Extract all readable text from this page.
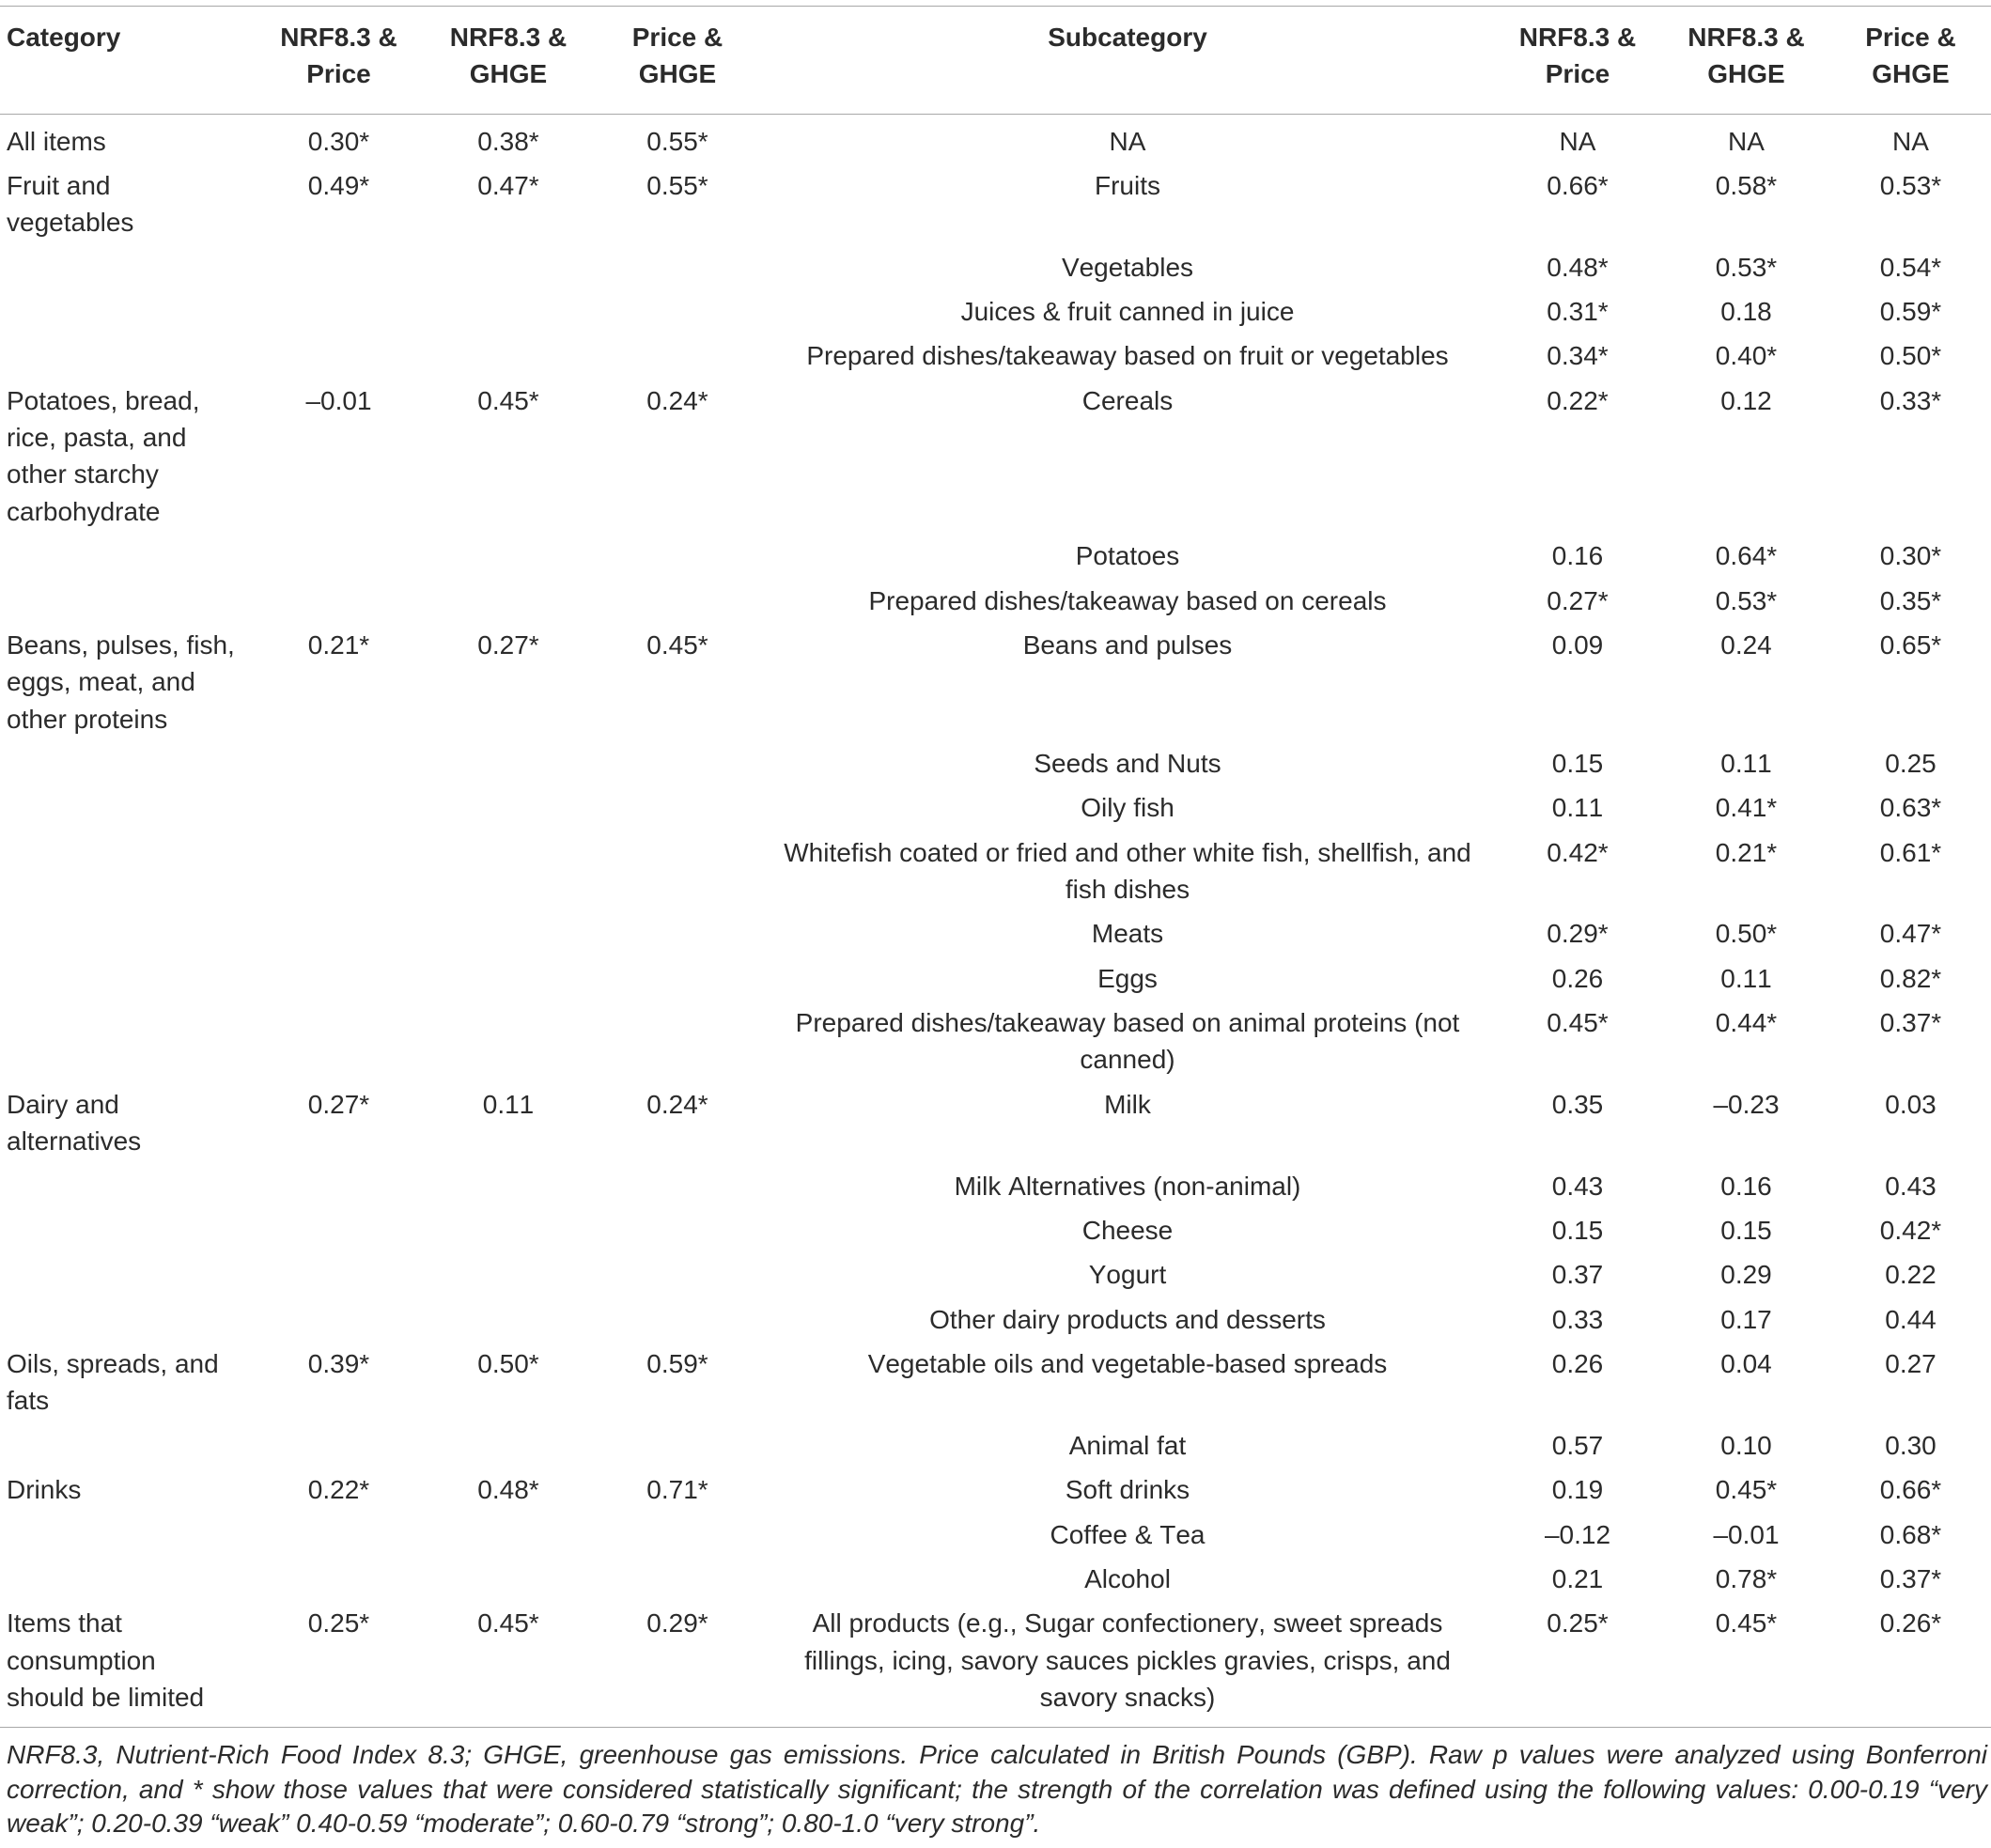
Category	NRF8.3 & Price	NRF8.3 & GHGE	Price & GHGE	Subcategory	NRF8.3 & Price	NRF8.3 & GHGE	Price & GHGE

All items	0.30*	0.38*	0.55*	NA	NA	NA	NA

Fruit and vegetables	0.49*	0.47*	0.55*	Fruits	0.66*	0.58*	0.53*

				Vegetables	0.48*	0.53*	0.54*

				Juices & fruit canned in juice	0.31*	0.18	0.59*

				Prepared dishes/takeaway based on fruit or vegetables	0.34*	0.40*	0.50*

Potatoes, bread, rice, pasta, and other starchy carbohydrate	–0.01	0.45*	0.24*	Cereals	0.22*	0.12	0.33*

				Potatoes	0.16	0.64*	0.30*

				Prepared dishes/takeaway based on cereals	0.27*	0.53*	0.35*

Beans, pulses, fish, eggs, meat, and other proteins	0.21*	0.27*	0.45*	Beans and pulses	0.09	0.24	0.65*

				Seeds and Nuts	0.15	0.11	0.25

				Oily fish	0.11	0.41*	0.63*

				Whitefish coated or fried and other white fish, shellfish, and fish dishes	0.42*	0.21*	0.61*

				Meats	0.29*	0.50*	0.47*

				Eggs	0.26	0.11	0.82*

				Prepared dishes/takeaway based on animal proteins (not canned)	0.45*	0.44*	0.37*

Dairy and alternatives	0.27*	0.11	0.24*	Milk	0.35	–0.23	0.03

				Milk Alternatives (non-animal)	0.43	0.16	0.43

				Cheese	0.15	0.15	0.42*

				Yogurt	0.37	0.29	0.22

				Other dairy products and desserts	0.33	0.17	0.44

Oils, spreads, and fats	0.39*	0.50*	0.59*	Vegetable oils and vegetable-based spreads	0.26	0.04	0.27

				Animal fat	0.57	0.10	0.30

Drinks	0.22*	0.48*	0.71*	Soft drinks	0.19	0.45*	0.66*

				Coffee & Tea	–0.12	–0.01	0.68*

				Alcohol	0.21	0.78*	0.37*

Items that consumption should be limited	0.25*	0.45*	0.29*	All products (e.g., Sugar confectionery, sweet spreads fillings, icing, savory sauces pickles gravies, crisps, and savory snacks)	0.25*	0.45*	0.26*

NRF8.3, Nutrient-Rich Food Index 8.3; GHGE, greenhouse gas emissions. Price calculated in British Pounds (GBP). Raw p values were analyzed using Bonferroni correction, and * show those values that were considered statistically significant; the strength of the correlation was defined using the following values: 0.00-0.19 “very weak”; 0.20-0.39 “weak” 0.40-0.59 “moderate”; 0.60-0.79 “strong”; 0.80-1.0 “very strong”.
